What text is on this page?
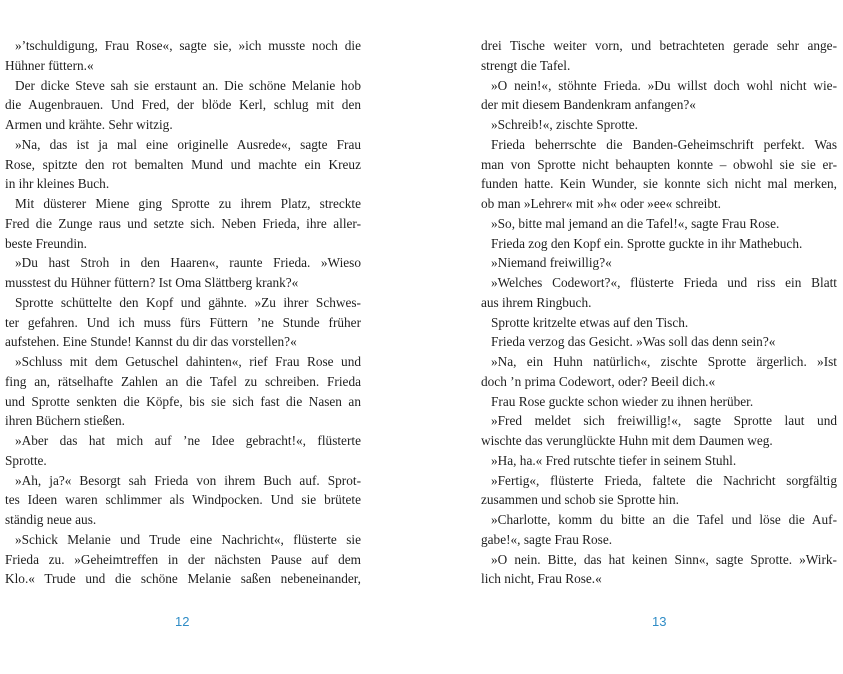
»’tschuldigung, Frau Rose«, sagte sie, »ich musste noch die
Hühner füttern.«
Der dicke Steve sah sie erstaunt an. Die schöne Melanie hob
die Augenbrauen. Und Fred, der blöde Kerl, schlug mit den
Armen und krähte. Sehr witzig.
»Na, das ist ja mal eine originelle Ausrede«, sagte Frau
Rose, spitzte den rot bemalten Mund und machte ein Kreuz
in ihr kleines Buch.
Mit düsterer Miene ging Sprotte zu ihrem Platz, streckte
Fred die Zunge raus und setzte sich. Neben Frieda, ihre aller-
beste Freundin.
»Du hast Stroh in den Haaren«, raunte Frieda. »Wieso
musstest du Hühner füttern? Ist Oma Slättberg krank?«
Sprotte schüttelte den Kopf und gähnte. »Zu ihrer Schwes-
ter gefahren. Und ich muss fürs Füttern ’ne Stunde früher
aufstehen. Eine Stunde! Kannst du dir das vorstellen?«
»Schluss mit dem Getuschel dahinten«, rief Frau Rose und
fing an, rätselhafte Zahlen an die Tafel zu schreiben. Frieda
und Sprotte senkten die Köpfe, bis sie sich fast die Nasen an
ihren Büchern stießen.
»Aber das hat mich auf ’ne Idee gebracht!«, flüsterte
Sprotte.
»Ah, ja?« Besorgt sah Frieda von ihrem Buch auf. Sprot-
tes Ideen waren schlimmer als Windpocken. Und sie brütete
ständig neue aus.
»Schick Melanie und Trude eine Nachricht«, flüsterte sie
Frieda zu. »Geheimtreffen in der nächsten Pause auf dem
Klo.« Trude und die schöne Melanie saßen nebeneinander,
drei Tische weiter vorn, und betrachteten gerade sehr ange-
strengt die Tafel.
»O nein!«, stöhnte Frieda. »Du willst doch wohl nicht wie-
der mit diesem Bandenkram anfangen?«
»Schreib!«, zischte Sprotte.
Frieda beherrschte die Banden-Geheimschrift perfekt. Was
man von Sprotte nicht behaupten konnte – obwohl sie sie er-
funden hatte. Kein Wunder, sie konnte sich nicht mal merken,
ob man »Lehrer« mit »h« oder »ee« schreibt.
»So, bitte mal jemand an die Tafel!«, sagte Frau Rose.
Frieda zog den Kopf ein. Sprotte guckte in ihr Mathebuch.
»Niemand freiwillig?«
»Welches Codewort?«, flüsterte Frieda und riss ein Blatt
aus ihrem Ringbuch.
Sprotte kritzelte etwas auf den Tisch.
Frieda verzog das Gesicht. »Was soll das denn sein?«
»Na, ein Huhn natürlich«, zischte Sprotte ärgerlich. »Ist
doch ’n prima Codewort, oder? Beeil dich.«
Frau Rose guckte schon wieder zu ihnen herüber.
»Fred meldet sich freiwillig!«, sagte Sprotte laut und
wischte das verunglückte Huhn mit dem Daumen weg.
»Ha, ha.« Fred rutschte tiefer in seinem Stuhl.
»Fertig«, flüsterte Frieda, faltete die Nachricht sorgfältig
zusammen und schob sie Sprotte hin.
»Charlotte, komm du bitte an die Tafel und löse die Auf-
gabe!«, sagte Frau Rose.
»O nein. Bitte, das hat keinen Sinn«, sagte Sprotte. »Wirk-
lich nicht, Frau Rose.«
12	13
